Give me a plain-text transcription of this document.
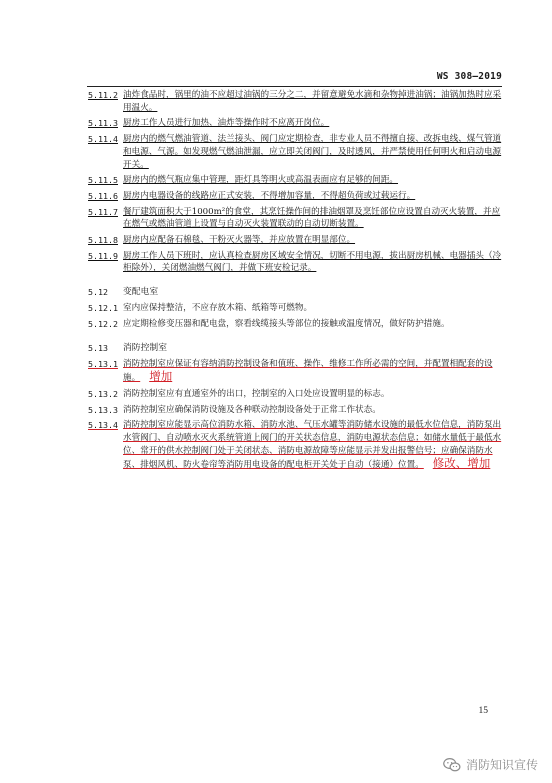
WS 308—2019

5.11.2 油炸食品时，锅里的油不应超过油锅的三分之二，并留意避免水滴和杂物掉进油锅；油锅加热时应采用温火。

5.11.3 厨房工作人员进行加热、油炸等操作时不应离开岗位。

5.11.4 厨房内的燃气燃油管道、法兰接头、阀门应定期检查，非专业人员不得擅自接、改拆电线、煤气管道和电源、气源。如发现燃气燃油泄漏，应立即关闭阀门，及时透风，并严禁使用任何明火和启动电源开关。

5.11.5 厨房内的燃气瓶应集中管理，距灯具等明火或高温表面应有足够的间距。

5.11.6 厨房内电器设备的线路应正式安装，不得增加容量，不得超负荷或过载运行。

5.11.7 餐厅建筑面积大于1000m²的食堂，其烹饪操作间的排油烟罩及烹饪部位应设置自动灭火装置，并应在燃气或燃油管道上设置与自动灭火装置联动的自动切断装置。

5.11.8 厨房内应配备石棉毯、干粉灭火器等，并应放置在明显部位。

5.11.9 厨房工作人员下班时，应认真检查厨房区域安全情况，切断不用电源，拔出厨房机械、电器插头（冷柜除外），关闭燃油燃气阀门，并做下班安检记录。

5.12 变配电室

5.12.1 室内应保持整洁，不应存放木箱、纸箱等可燃物。

5.12.2 应定期检修变压器和配电盘，察看线缆接头等部位的接触或温度情况，做好防护措施。

5.13 消防控制室

5.13.1 消防控制室应保证有容纳消防控制设备和值班、操作、维修工作所必需的空间，并配置相配套的设施。 增加

5.13.2 消防控制室应有直通室外的出口，控制室的入口处应设置明显的标志。

5.13.3 消防控制室应确保消防设施及各种联动控制设备处于正常工作状态。

5.13.4 消防控制室应能显示高位消防水箱、消防水池、气压水罐等消防储水设施的最低水位信息，消防泵出水管阀门、自动喷水灭火系统管道上阀门的开关状态信息，消防电源状态信息；如储水量低于最低水位、常开的供水控制阀门处于关闭状态、消防电源故障等应能显示并发出报警信号；应确保消防水泵、排烟风机、防火卷帘等消防用电设备的配电柜开关处于自动（接通）位置。 修改、增加

15
消防知识宣传
